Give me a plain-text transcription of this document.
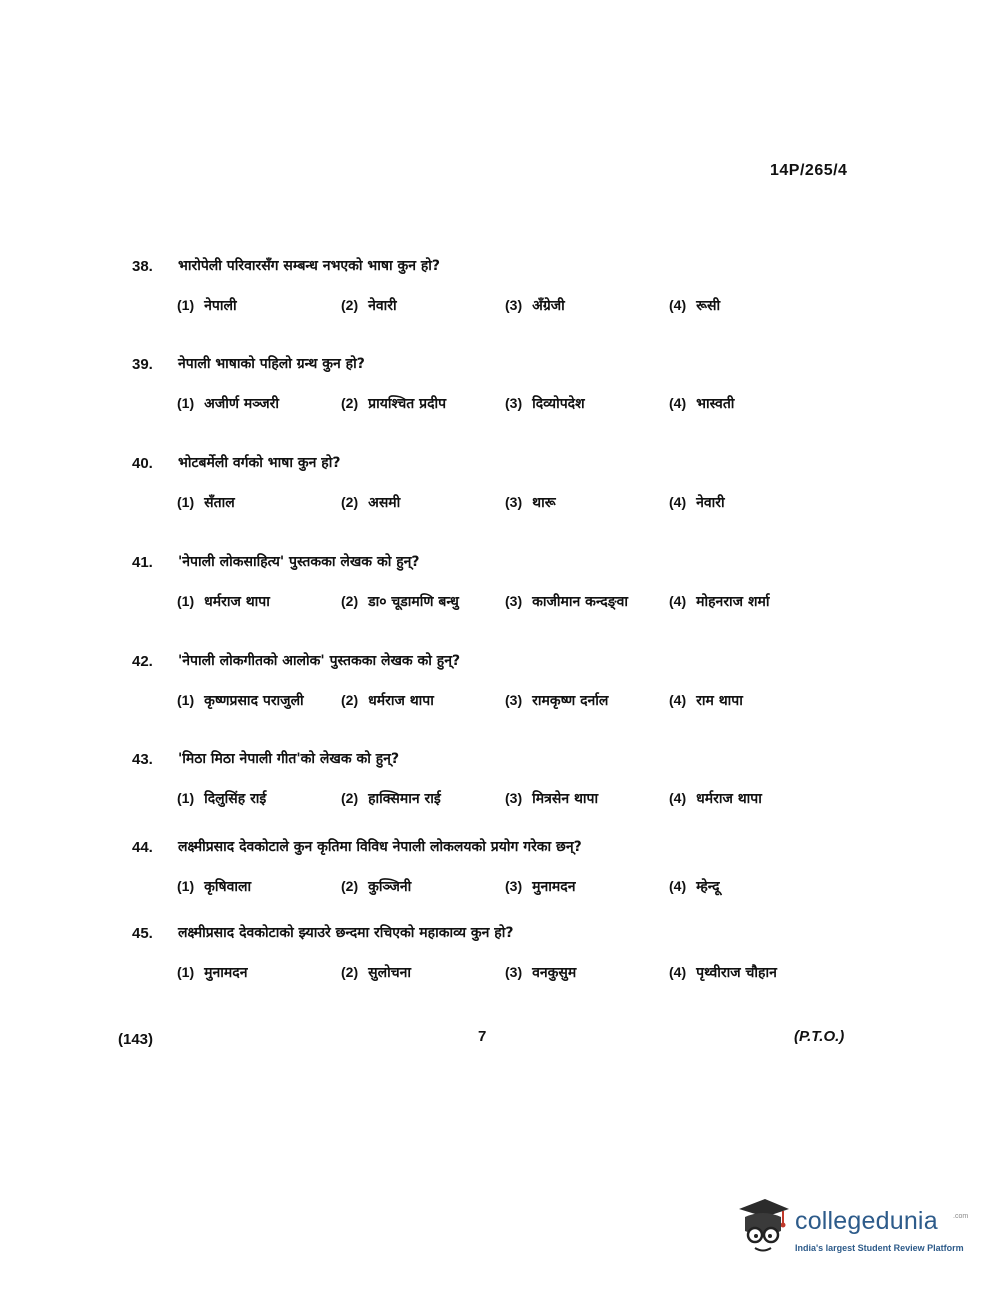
14P/265/4
38. भारोपेली परिवारसँग सम्बन्ध नभएको भाषा कुन हो?
(1) नेपाली	(2) नेवारी	(3) अँग्रेजी	(4) रूसी
39. नेपाली भाषाको पहिलो ग्रन्थ कुन हो?
(1) अजीर्ण मञ्जरी	(2) प्रायश्चित प्रदीप	(3) दिव्योपदेश	(4) भास्वती
40. भोटबर्मेली वर्गको भाषा कुन हो?
(1) सँताल	(2) असमी	(3) थारू	(4) नेवारी
41. 'नेपाली लोकसाहित्य' पुस्तकका लेखक को हुन्?
(1) धर्मराज थापा	(2) डा० चूडामणि बन्धु	(3) काजीमान कन्दङ्वा	(4) मोहनराज शर्मा
42. 'नेपाली लोकगीतको आलोक' पुस्तकका लेखक को हुन्?
(1) कृष्णप्रसाद पराजुली	(2) धर्मराज थापा	(3) रामकृष्ण दर्नाल	(4) राम थापा
43. 'मिठा मिठा नेपाली गीत'को लेखक को हुन्?
(1) दिलुसिंह राई	(2) हाक्सिमान राई	(3) मित्रसेन थापा	(4) धर्मराज थापा
44. लक्ष्मीप्रसाद देवकोटाले कुन कृतिमा विविध नेपाली लोकलयको प्रयोग गरेका छन्?
(1) कृषिवाला	(2) कुञ्जिनी	(3) मुनामदन	(4) म्हेन्दू
45. लक्ष्मीप्रसाद देवकोटाको झ्याउरे छन्दमा रचिएको महाकाव्य कुन हो?
(1) मुनामदन	(2) सुलोचना	(3) वनकुसुम	(4) पृथ्वीराज चौहान
(143)	7	(P.T.O.)
collegedunia .com
India's largest Student Review Platform
